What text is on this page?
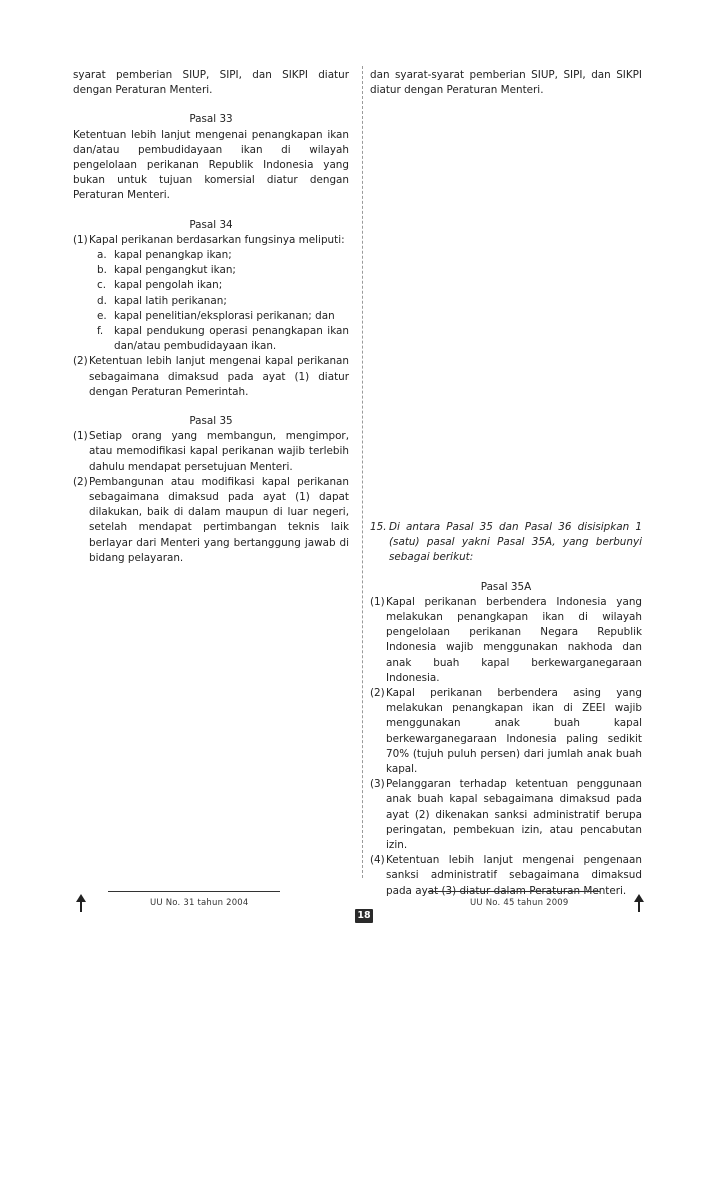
syarat pemberian SIUP, SIPI, dan SIKPI diatur dengan Peraturan Menteri.

Pasal 33

Ketentuan lebih lanjut mengenai penangkapan ikan dan/atau pembudidayaan ikan di wilayah pengelolaan perikanan Republik Indonesia yang bukan untuk tujuan komersial diatur dengan Peraturan Menteri.

Pasal 34

(1) Kapal perikanan berdasarkan fungsinya meliputi:

a. kapal penangkap ikan;
b. kapal pengangkut ikan;
c. kapal pengolah ikan;
d. kapal latih perikanan;
e. kapal penelitian/eksplorasi perikanan; dan
f.	kapal pendukung operasi penangkapan ikan dan/atau pembudidayaan ikan.
(2) Ketentuan lebih lanjut mengenai kapal perikanan sebagaimana dimaksud pada ayat (1) diatur dengan Peraturan Pemerintah.

Pasal 35

(1) Setiap orang yang membangun, mengimpor, atau memodifikasi kapal perikanan wajib terlebih dahulu mendapat persetujuan Menteri.
(2) Pembangunan atau modifikasi kapal perikanan sebagaimana dimaksud pada ayat (1) dapat dilakukan, baik di dalam maupun di luar negeri, setelah mendapat pertimbangan teknis laik berlayar dari Menteri yang bertanggung jawab di bidang pelayaran.

dan syarat-syarat pemberian SIUP, SIPI, dan SIKPI diatur dengan Peraturan Menteri.

15. Di antara Pasal 35 dan Pasal 36 disisipkan 1 (satu) pasal yakni Pasal 35A, yang berbunyi sebagai berikut:

Pasal 35A

(1) Kapal perikanan berbendera Indonesia yang melakukan penangkapan ikan di wilayah pengelolaan perikanan Negara Republik Indonesia wajib menggunakan nakhoda dan anak buah kapal berkewarganegaraan Indonesia.
(2) Kapal perikanan berbendera asing yang melakukan penangkapan ikan di ZEEI wajib menggunakan anak buah kapal berkewarganegaraan Indonesia paling sedikit 70% (tujuh puluh persen) dari jumlah anak buah kapal.
(3) Pelanggaran terhadap ketentuan penggunaan anak buah kapal sebagaimana dimaksud pada ayat (2) dikenakan sanksi administratif berupa peringatan, pembekuan izin, atau pencabutan izin.
(4) Ketentuan lebih lanjut mengenai pengenaan sanksi administratif sebagaimana dimaksud pada ayat (3) diatur dalam Peraturan Menteri.
UU No. 31 tahun 2004
18
UU No. 45 tahun 2009
